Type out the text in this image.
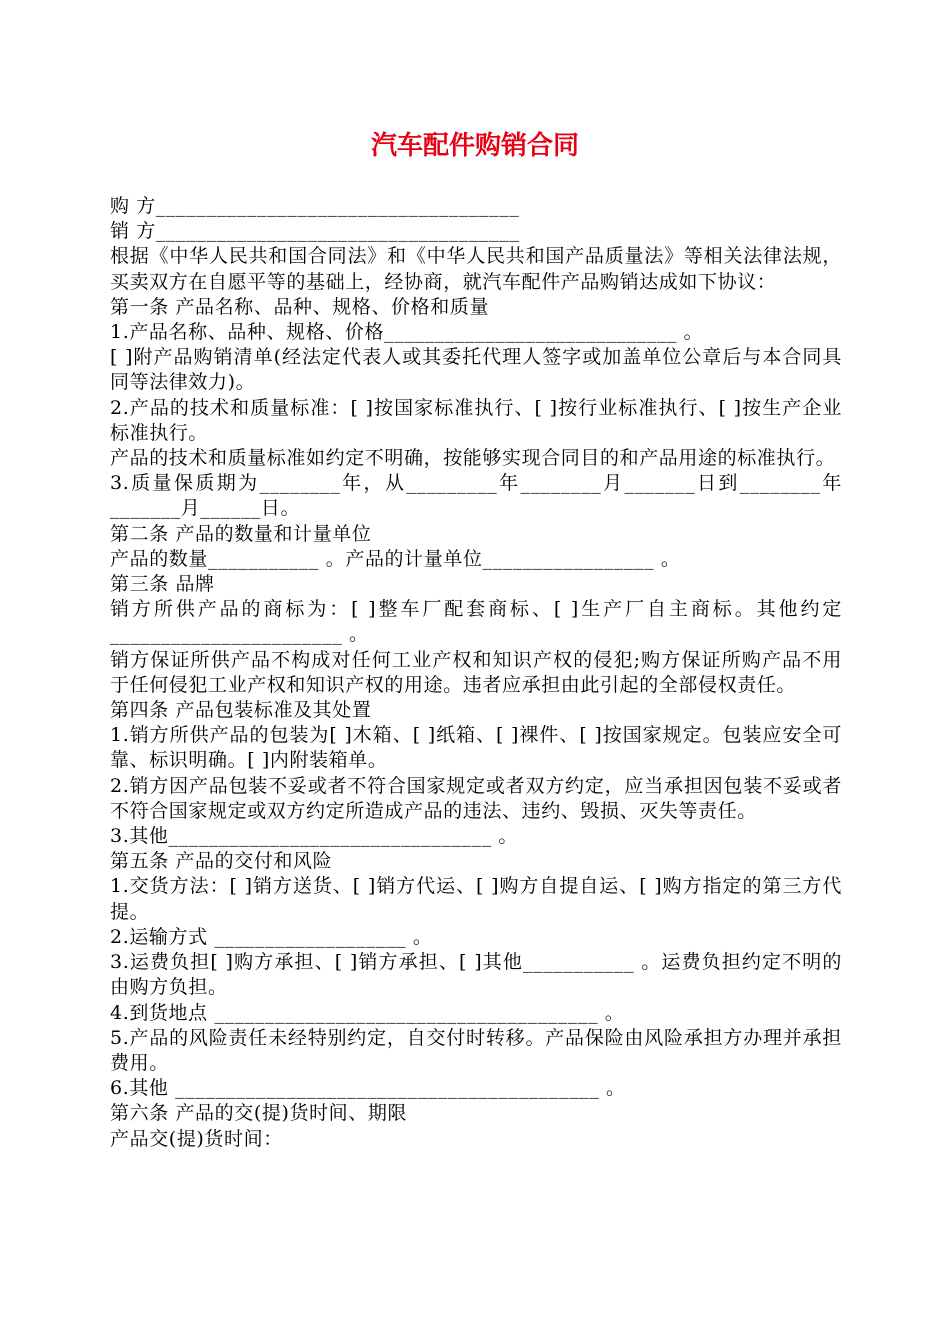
汽车配件购销合同

购 方____________________________________

销 方____________________________________

根据《中华人民共和国合同法》和《中华人民共和国产品质量法》等相关法律法规，买卖双方在自愿平等的基础上，经协商，就汽车配件产品购销达成如下协议：

第一条 产品名称、品种、规格、价格和质量

1.产品名称、品种、规格、价格_____________________________ 。

[ ]附产品购销清单(经法定代表人或其委托代理人签字或加盖单位公章后与本合同具同等法律效力)。

2.产品的技术和质量标准：[ ]按国家标准执行、[ ]按行业标准执行、[ ]按生产企业标准执行。

产品的技术和质量标准如约定不明确，按能够实现合同目的和产品用途的标准执行。

3.质量保质期为________年，从_________年________月_______日到________年_______月______日。

第二条 产品的数量和计量单位

产品的数量___________ 。产品的计量单位_________________ 。

第三条 品牌

销方所供产品的商标为：[ ]整车厂配套商标、[ ]生产厂自主商标。其他约定 _______________________ 。

销方保证所供产品不构成对任何工业产权和知识产权的侵犯;购方保证所购产品不用于任何侵犯工业产权和知识产权的用途。违者应承担由此引起的全部侵权责任。

第四条 产品包装标准及其处置

1.销方所供产品的包装为[ ]木箱、[ ]纸箱、[ ]裸件、[ ]按国家规定。包装应安全可靠、标识明确。[ ]内附装箱单。

2.销方因产品包装不妥或者不符合国家规定或者双方约定，应当承担因包装不妥或者不符合国家规定或双方约定所造成产品的违法、违约、毁损、灭失等责任。

3.其他________________________________ 。

第五条 产品的交付和风险

1.交货方法：[ ]销方送货、[ ]销方代运、[ ]购方自提自运、[ ]购方指定的第三方代提。

2.运输方式 ___________________ 。

3.运费负担[ ]购方承担、[ ]销方承担、[ ]其他___________ 。运费负担约定不明的由购方负担。

4.到货地点 ______________________________________ 。

5.产品的风险责任未经特别约定，自交付时转移。产品保险由风险承担方办理并承担费用。

6.其他 __________________________________________ 。

第六条 产品的交(提)货时间、期限

产品交(提)货时间：
